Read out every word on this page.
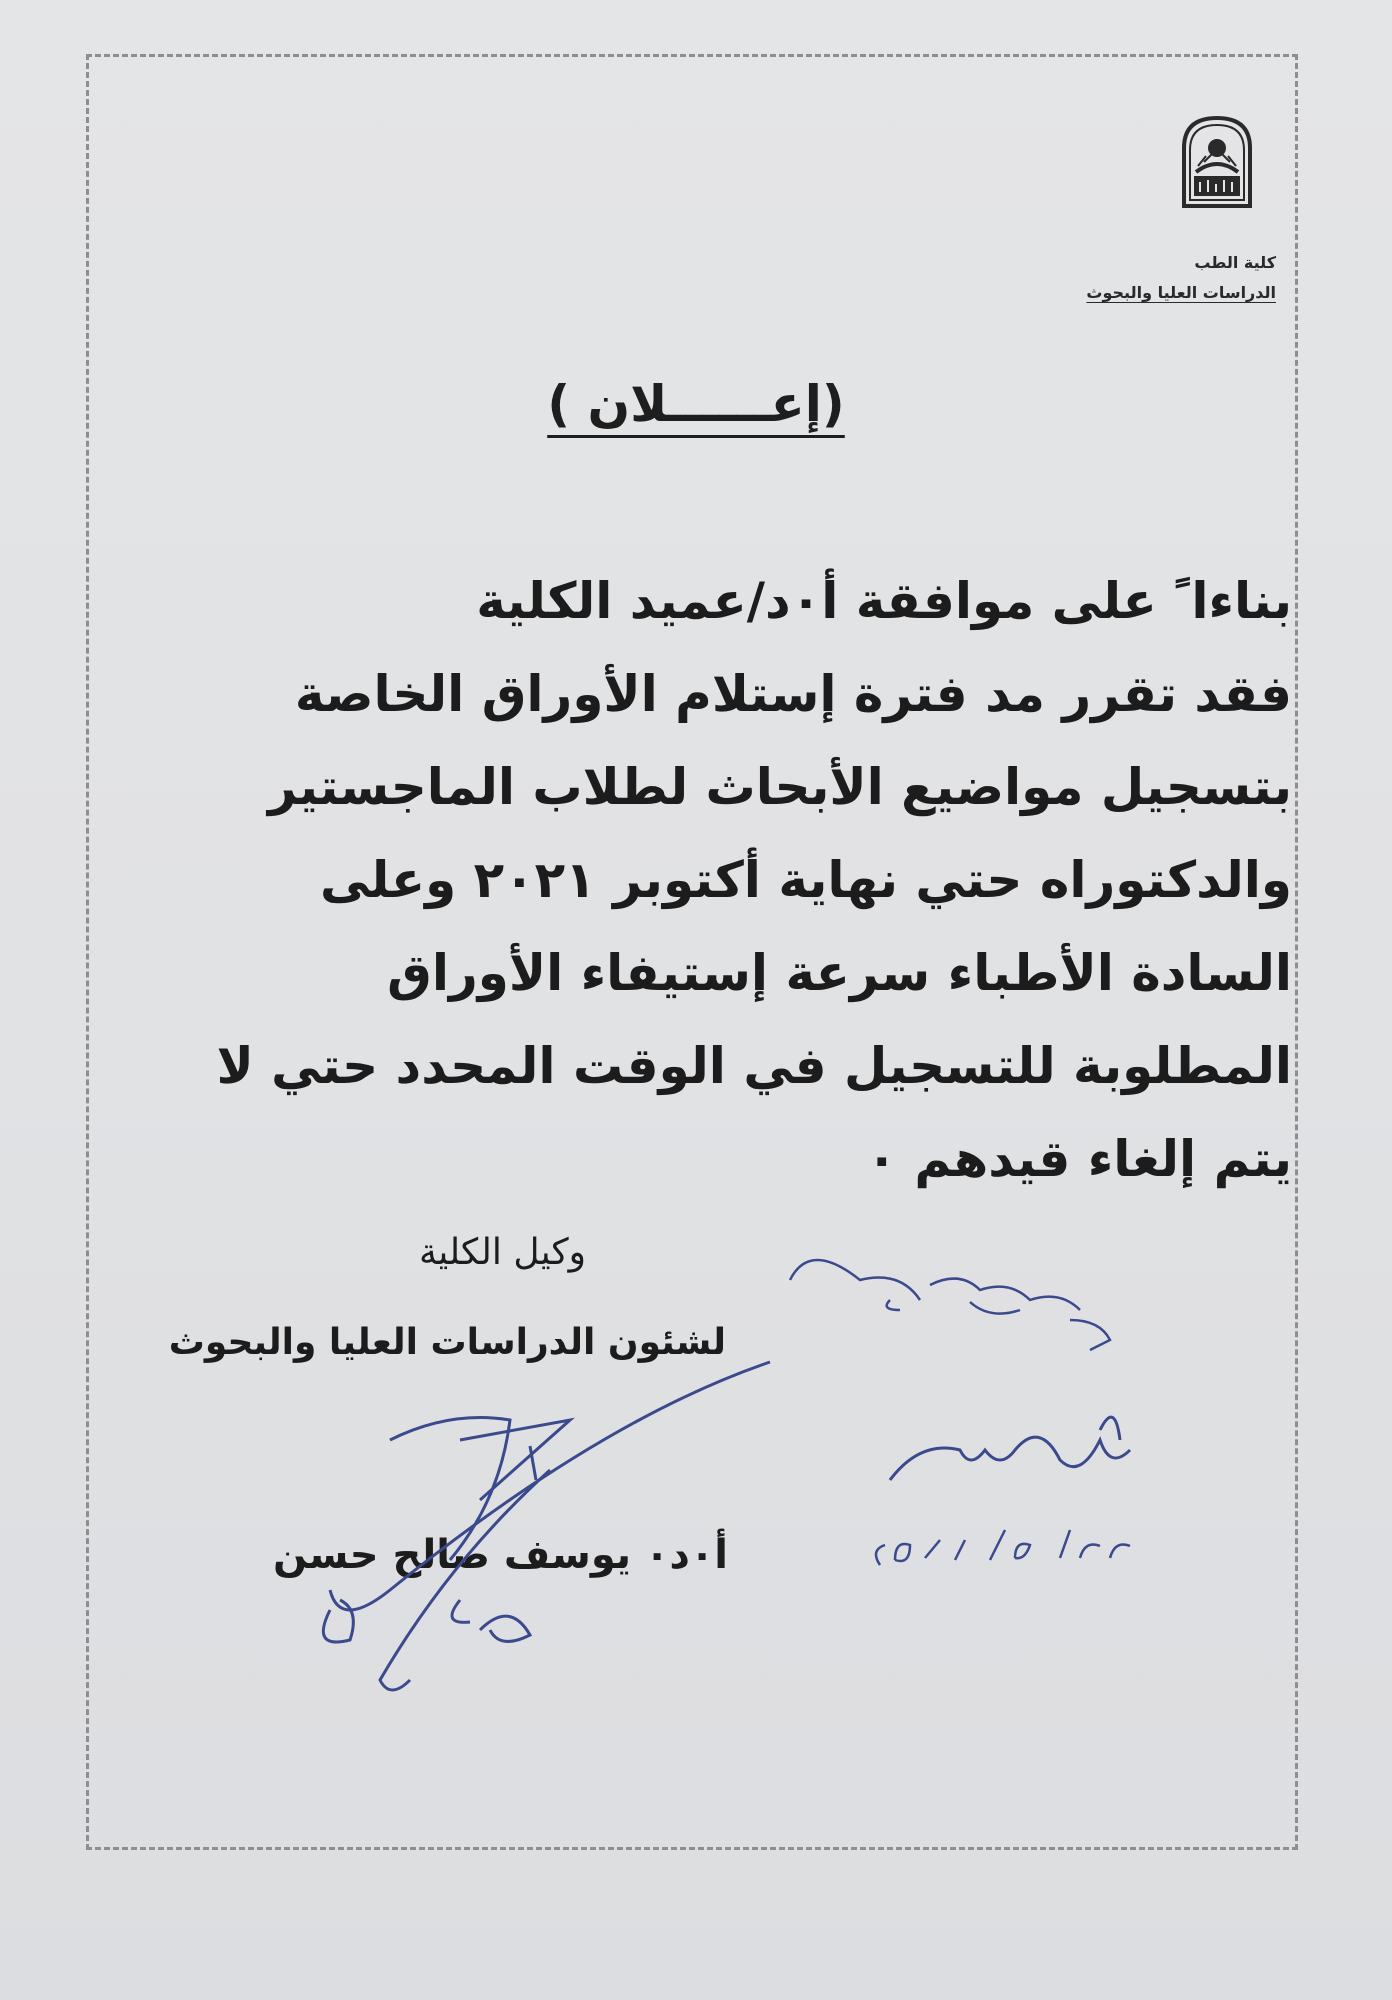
كلية الطب
الدراسات العليا والبحوث
(إعــــــلان )
بناءا ً على موافقة أ٠د/عميد الكلية
فقد تقرر مد فترة إستلام الأوراق الخاصة
بتسجيل مواضيع الأبحاث لطلاب الماجستير
والدكتوراه حتي نهاية أكتوبر ٢٠٢١ وعلى
السادة الأطباء سرعة إستيفاء الأوراق
المطلوبة للتسجيل في الوقت المحدد حتي لا
يتم إلغاء قيدهم ٠
وكيل الكلية
لشئون الدراسات العليا والبحوث
أ٠د٠ يوسف صالح حسن
